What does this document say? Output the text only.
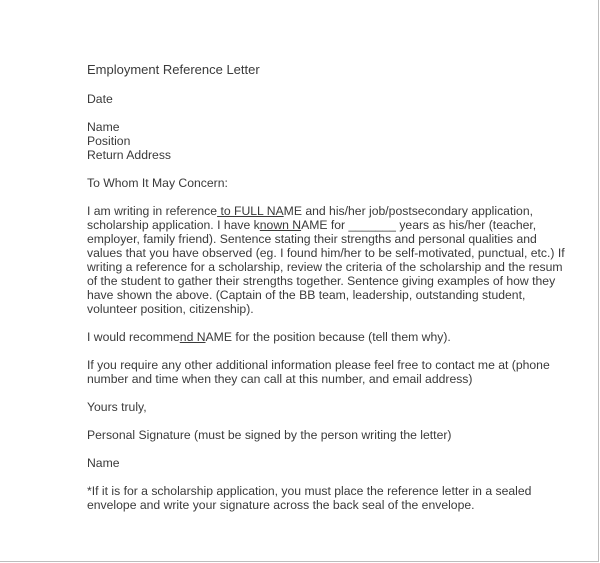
Employment Reference Letter
Date
Name
Position
Return Address
To Whom It May Concern:
I am writing in reference to FULL NAME and his/her job/postsecondary application,
scholarship application. I have known NAME for _______ years as his/her (teacher,
employer, family friend). Sentence stating their strengths and personal qualities and
values that you have observed (eg. I found him/her to be self-motivated, punctual, etc.) If
writing a reference for a scholarship, review the criteria of the scholarship and the resum
of the student to gather their strengths together. Sentence giving examples of how they
have shown the above. (Captain of the BB team, leadership, outstanding student,
volunteer position, citizenship).
I would recommend NAME for the position because (tell them why).
If you require any other additional information please feel free to contact me at (phone
number and time when they can call at this number, and email address)
Yours truly,
Personal Signature (must be signed by the person writing the letter)
Name
*If it is for a scholarship application, you must place the reference letter in a sealed
envelope and write your signature across the back seal of the envelope.
